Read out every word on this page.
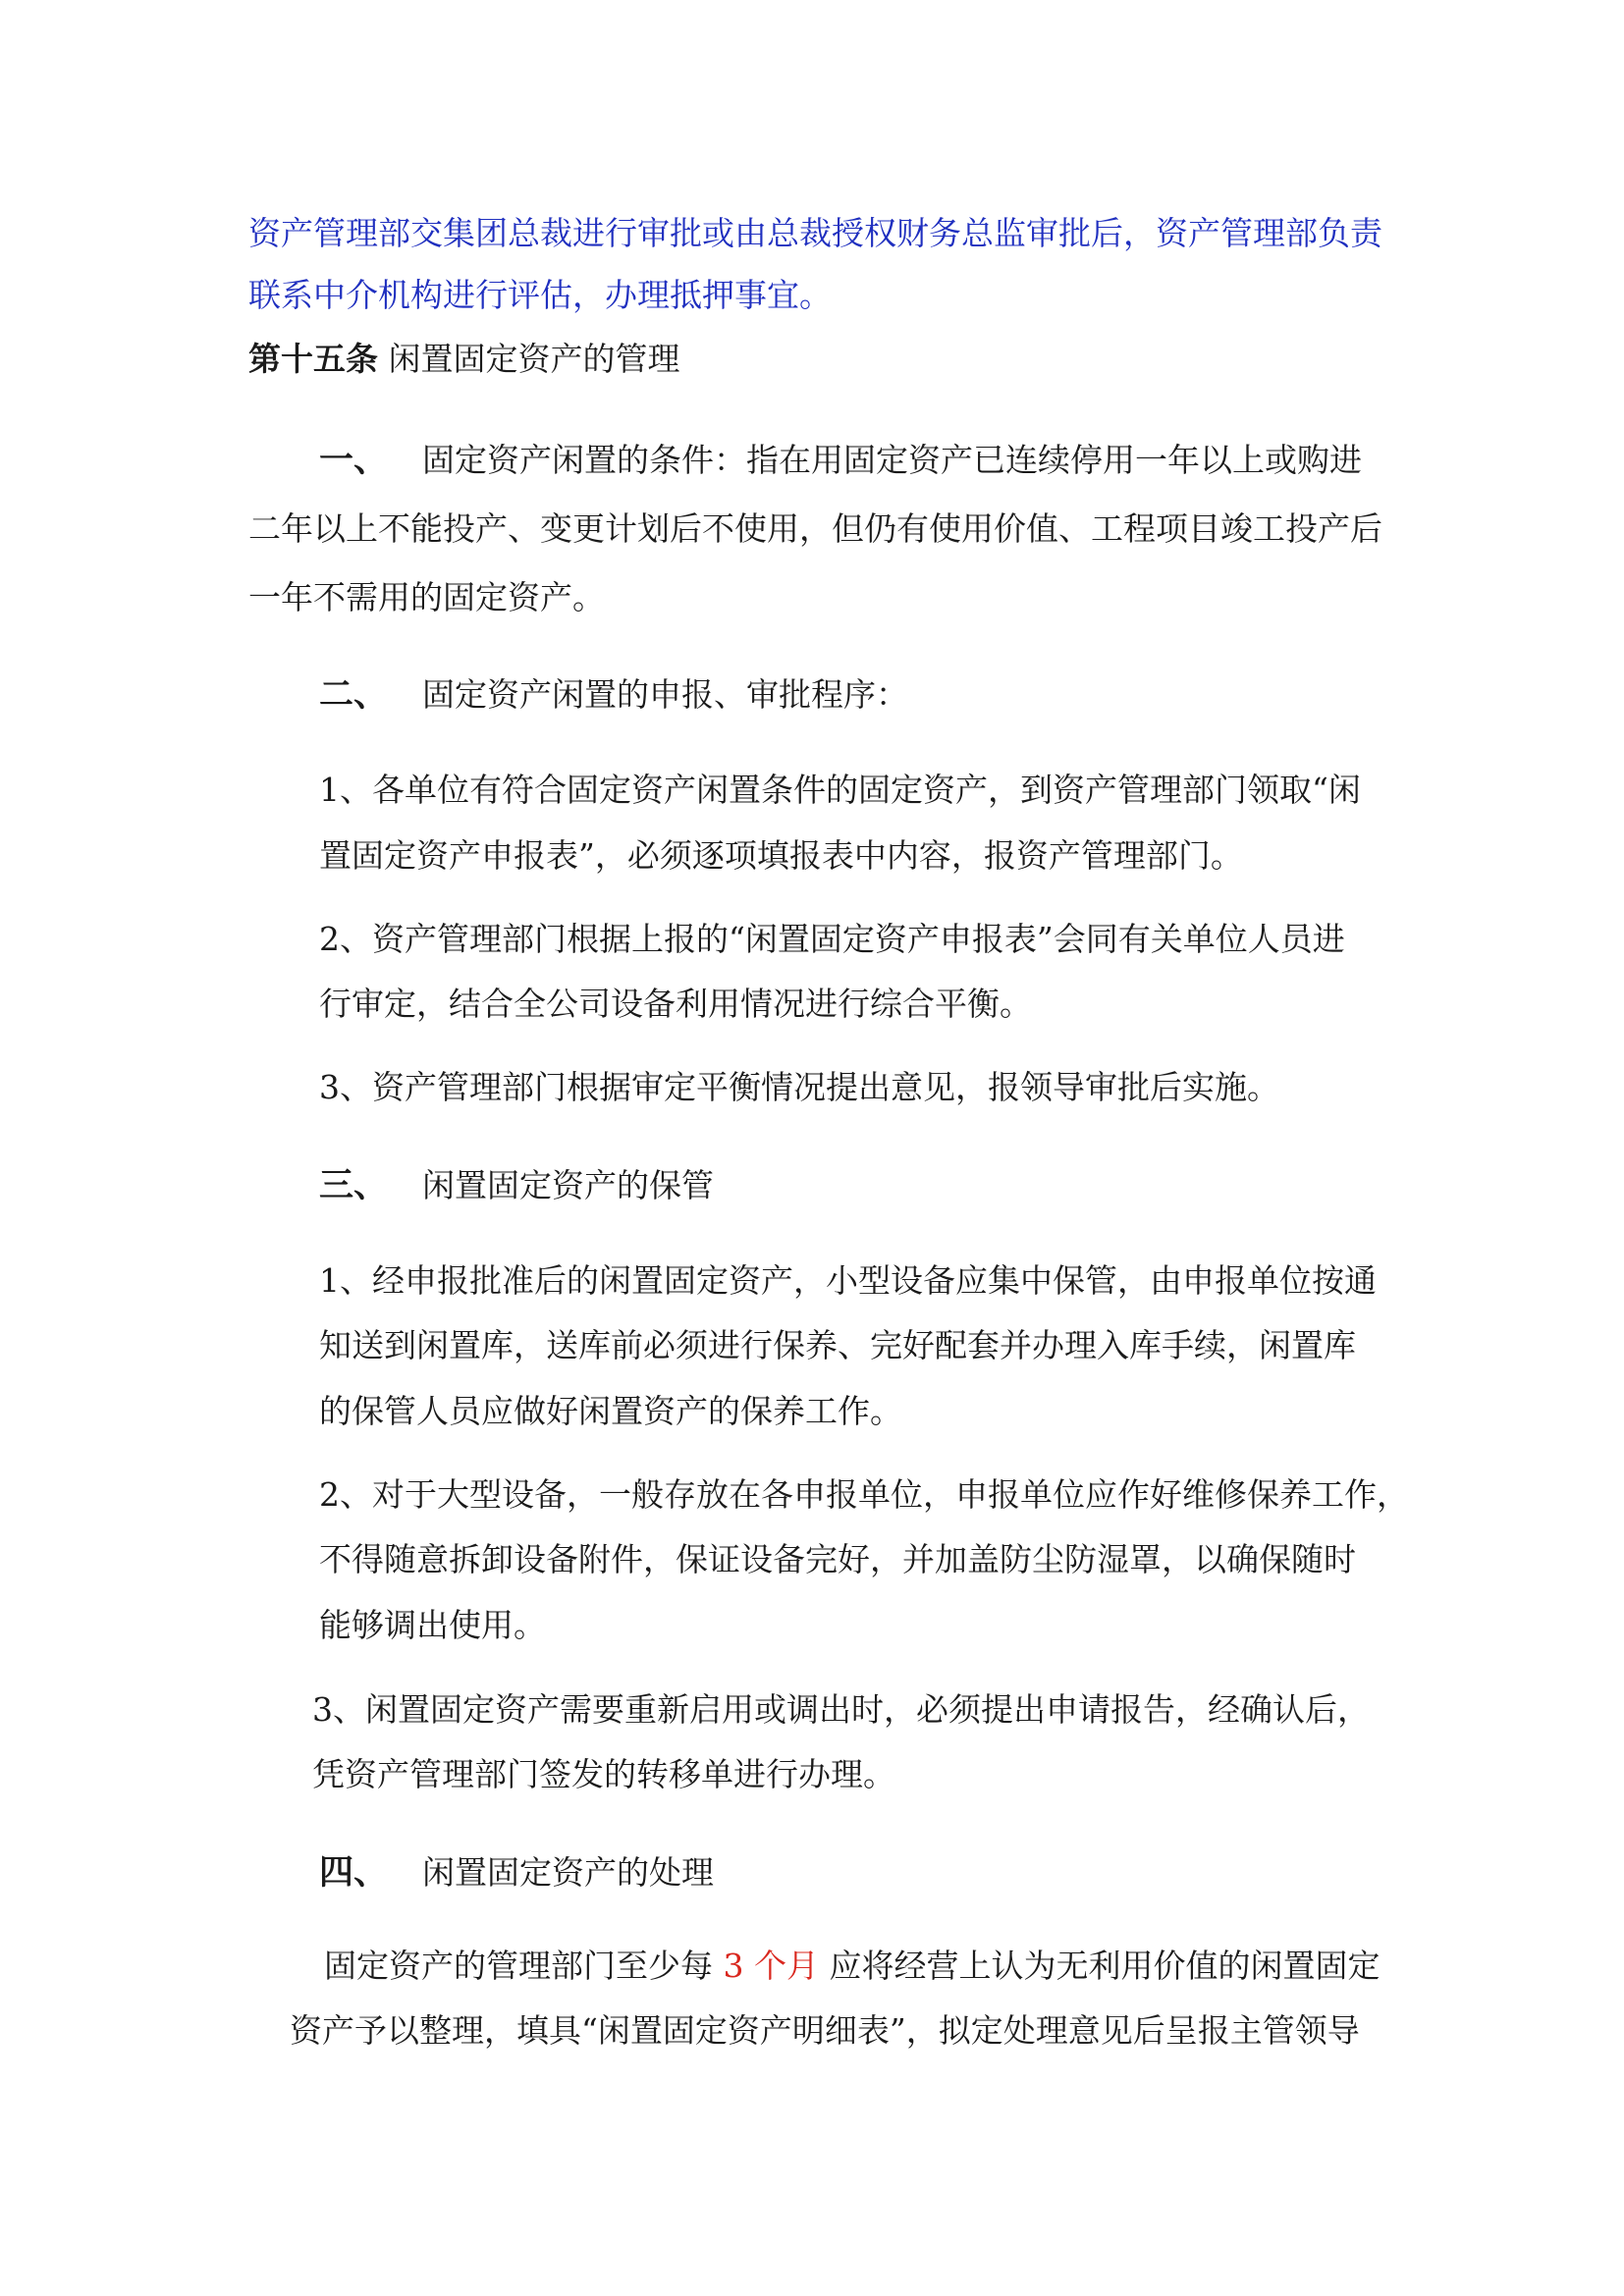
资产管理部交集团总裁进行审批或由总裁授权财务总监审批后，资产管理部负责
联系中介机构进行评估，办理抵押事宜。
第十五条 闲置固定资产的管理
一、 固定资产闲置的条件：指在用固定资产已连续停用一年以上或购进
二年以上不能投产、变更计划后不使用，但仍有使用价值、工程项目竣工投产后
一年不需用的固定资产。
二、 固定资产闲置的申报、审批程序：
1、各单位有符合固定资产闲置条件的固定资产，到资产管理部门领取“闲
置固定资产申报表”，必须逐项填报表中内容，报资产管理部门。
2、资产管理部门根据上报的“闲置固定资产申报表”会同有关单位人员进
行审定，结合全公司设备利用情况进行综合平衡。
3、资产管理部门根据审定平衡情况提出意见，报领导审批后实施。
三、 闲置固定资产的保管
1、经申报批准后的闲置固定资产，小型设备应集中保管，由申报单位按通
知送到闲置库，送库前必须进行保养、完好配套并办理入库手续，闲置库
的保管人员应做好闲置资产的保养工作。
2、对于大型设备，一般存放在各申报单位，申报单位应作好维修保养工作，
不得随意拆卸设备附件，保证设备完好，并加盖防尘防湿罩，以确保随时
能够调出使用。
3、闲置固定资产需要重新启用或调出时，必须提出申请报告，经确认后，
凭资产管理部门签发的转移单进行办理。
四、 闲置固定资产的处理
固定资产的管理部门至少每 3 个月 应将经营上认为无利用价值的闲置固定
资产予以整理，填具“闲置固定资产明细表”，拟定处理意见后呈报主管领导
